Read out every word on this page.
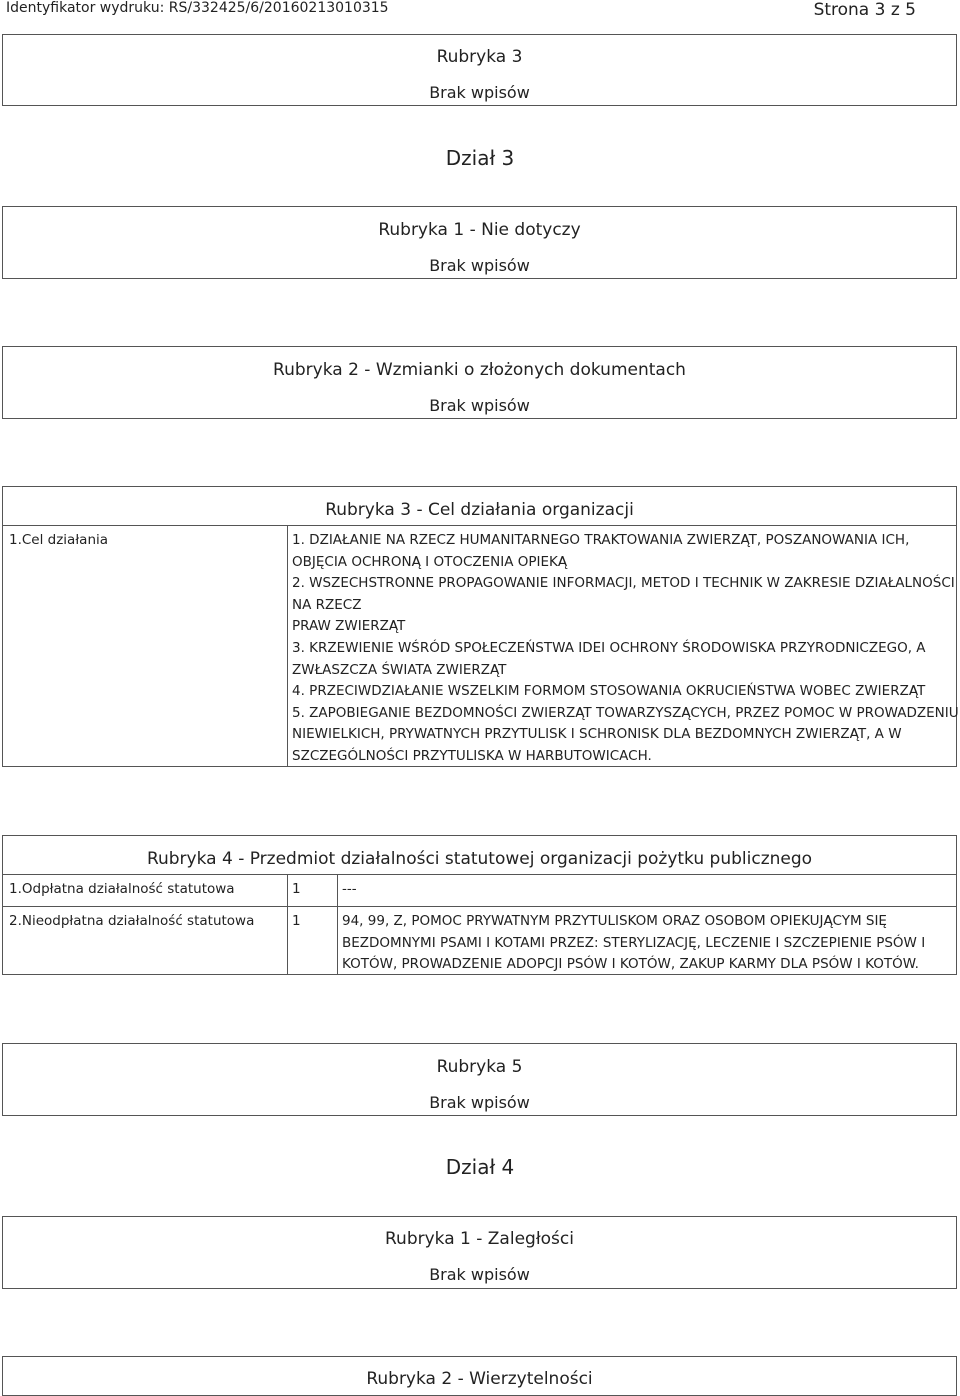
Identyfikator wydruku: RS/332425/6/20160213010315	Strona 3 z 5
Rubryka 3
Brak wpisów
Dział 3
Rubryka 1 - Nie dotyczy
Brak wpisów
Rubryka 2 - Wzmianki o złożonych dokumentach
Brak wpisów
Rubryka 3 - Cel działania organizacji
1.Cel działania	1. DZIAŁANIE NA RZECZ HUMANITARNEGO TRAKTOWANIA ZWIERZĄT, POSZANOWANIA ICH,
OBJĘCIA OCHRONĄ I OTOCZENIA OPIEKĄ
2. WSZECHSTRONNE PROPAGOWANIE INFORMACJI, METOD I TECHNIK W ZAKRESIE DZIAŁALNOŚCI
NA RZECZ
PRAW ZWIERZĄT
3. KRZEWIENIE WŚRÓD SPOŁECZEŃSTWA IDEI OCHRONY ŚRODOWISKA PRZYRODNICZEGO, A
ZWŁASZCZA ŚWIATA ZWIERZĄT
4. PRZECIWDZIAŁANIE WSZELKIM FORMOM STOSOWANIA OKRUCIEŃSTWA WOBEC ZWIERZĄT
5. ZAPOBIEGANIE BEZDOMNOŚCI ZWIERZĄT TOWARZYSZĄCYCH, PRZEZ POMOC W PROWADZENIU
NIEWIELKICH, PRYWATNYCH PRZYTULISK I SCHRONISK DLA BEZDOMNYCH ZWIERZĄT, A W
SZCZEGÓLNOŚCI PRZYTULISKA W HARBUTOWICACH.
Rubryka 4 - Przedmiot działalności statutowej organizacji pożytku publicznego
1.Odpłatna działalność statutowa	1	---
2.Nieodpłatna działalność statutowa	1	94, 99, Z, POMOC PRYWATNYM PRZYTULISKOM ORAZ OSOBOM OPIEKUJĄCYM SIĘ
BEZDOMNYMI PSAMI I KOTAMI PRZEZ: STERYLIZACJĘ, LECZENIE I SZCZEPIENIE PSÓW I
KOTÓW, PROWADZENIE ADOPCJI PSÓW I KOTÓW, ZAKUP KARMY DLA PSÓW I KOTÓW.
Rubryka 5
Brak wpisów
Dział 4
Rubryka 1 - Zaległości
Brak wpisów
Rubryka 2 - Wierzytelności
